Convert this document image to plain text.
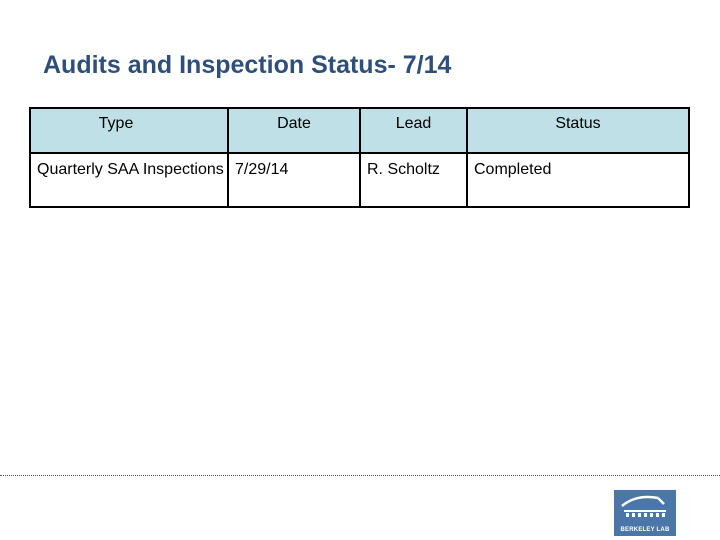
Audits and Inspection Status- 7/14
Type	Date	Lead	Status
Quarterly SAA Inspections	7/29/14	R. Scholtz	Completed
BERKELEY LAB
